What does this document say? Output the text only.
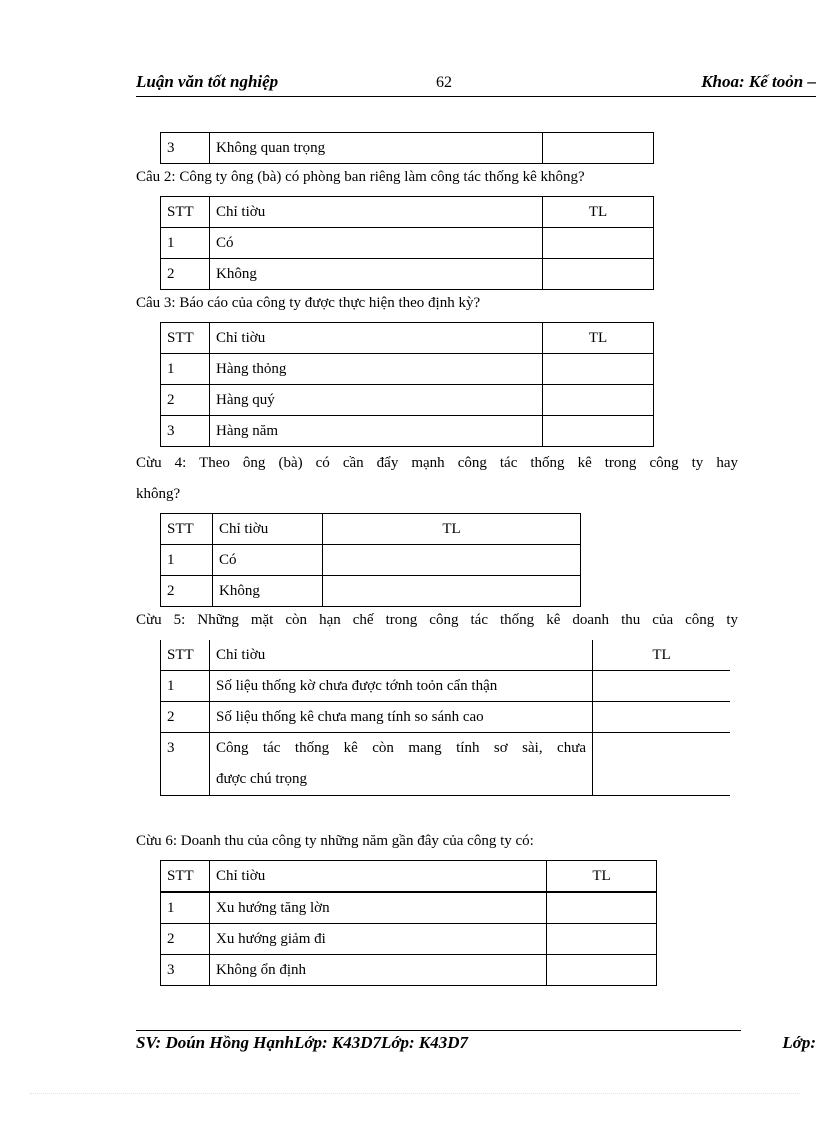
Luận văn tốt nghiệp	62	Khoa: Kế toỏn –
3	Không quan trọng	
Câu 2: Công ty ông (bà) có phòng ban riêng làm công tác thống kê không?
STT	Chỉ tiờu	TL
1	Có	
2	Không	
Câu 3: Báo cáo của công ty được thực hiện theo định kỳ?
STT	Chỉ tiờu	TL
1	Hàng thỏng	
2	Hàng quý	
3	Hàng năm	
Cừu 4: Theo ông (bà) có cần đẩy mạnh công tác thống kê trong công ty hay
không?
STT	Chỉ tiờu	TL
1	Có	
2	Không	
Cừu 5: Những mặt còn hạn chế trong công tác thống kê doanh thu của công ty
STT	Chỉ tiờu	TL
1	Số liệu thống kờ chưa được tớnh toỏn cẩn thận	
2	Số liệu thống kê chưa mang tính so sánh cao	
3	Công tác thống kê còn mang tính sơ sài, chưa
được chú trọng	

Cừu 6: Doanh thu của công ty những năm gần đây của công ty có:
STT	Chỉ tiờu	TL
1	Xu hướng tăng lờn	
2	Xu hướng giảm đi	
3	Không ổn định	
SV: Doún Hồng HạnhLớp: K43D7Lớp: K43D7	Lớp:
